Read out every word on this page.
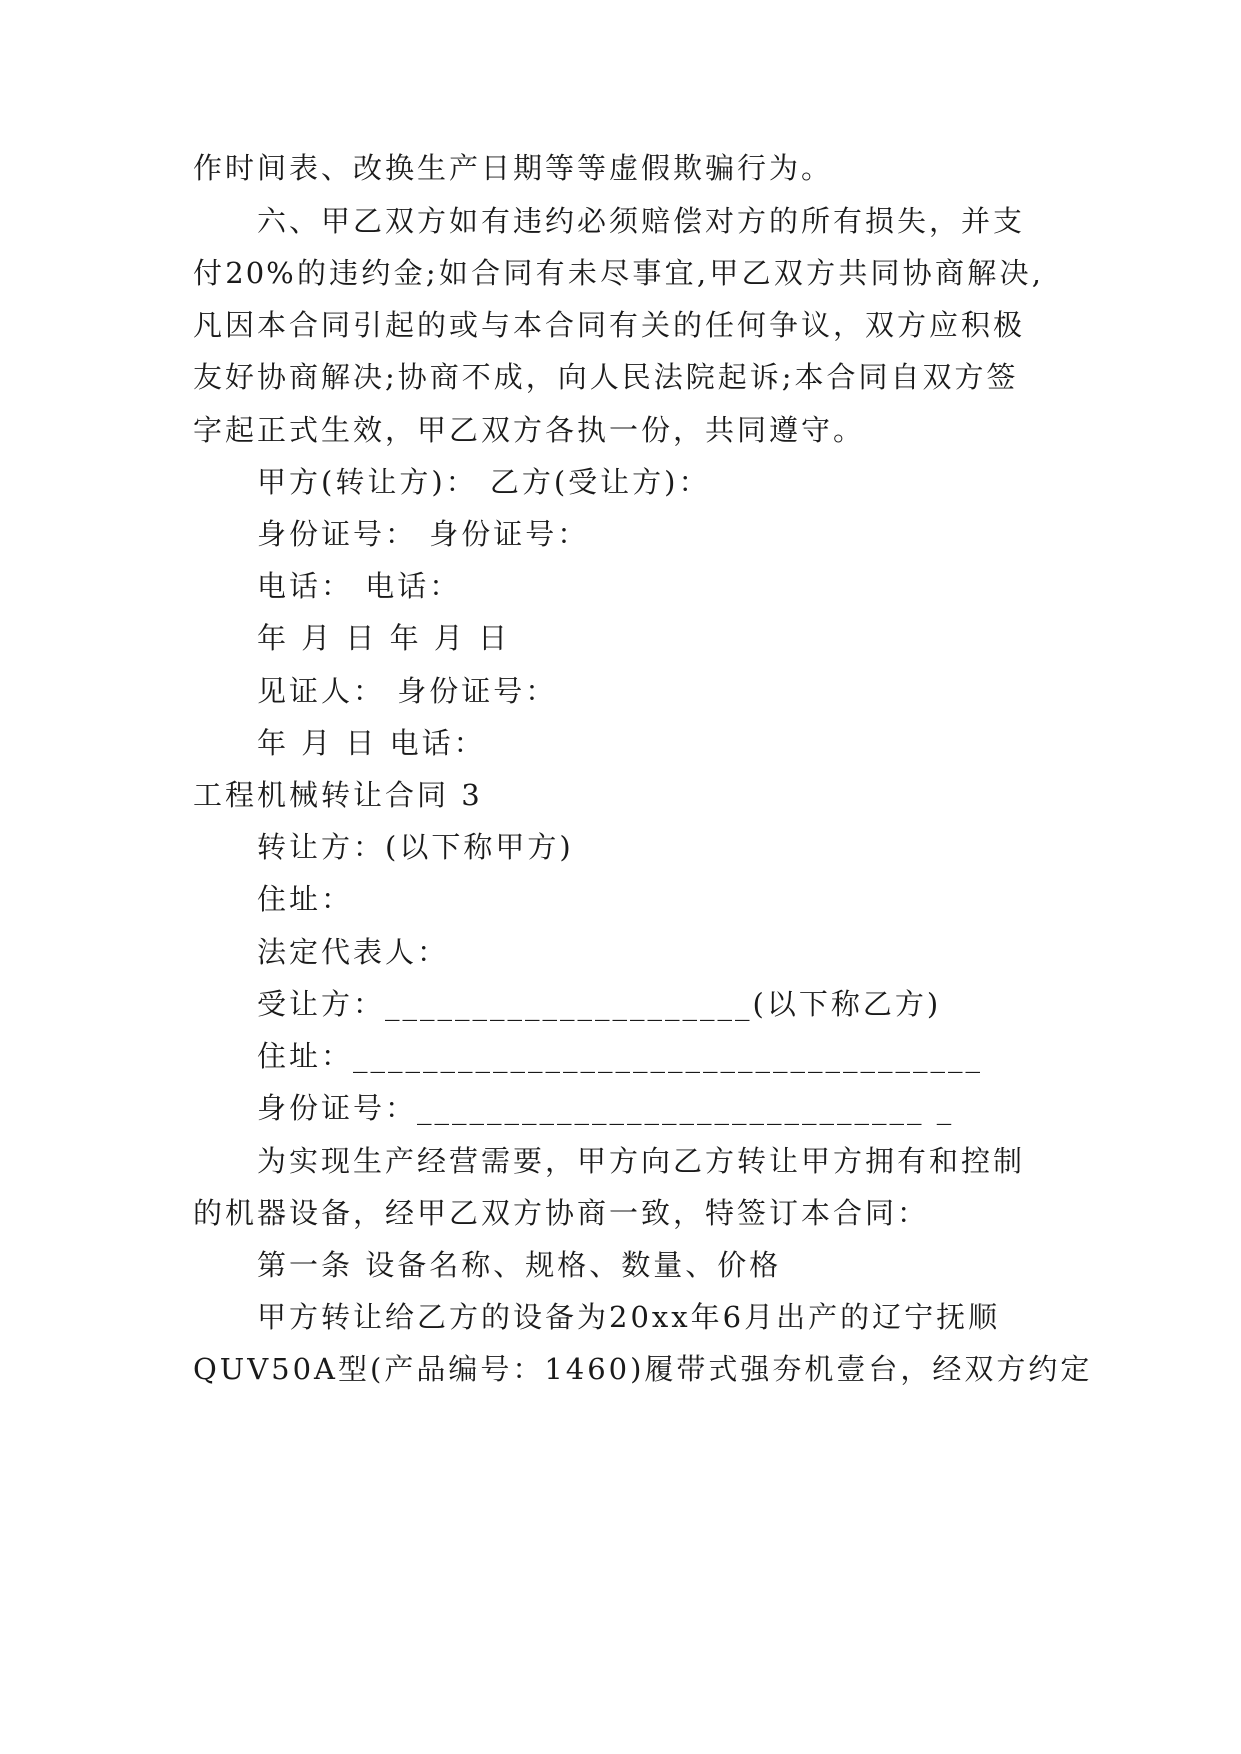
作时间表、改换生产日期等等虚假欺骗行为。
六、甲乙双方如有违约必须赔偿对方的所有损失，并支
付20%的违约金;如合同有未尽事宜,甲乙双方共同协商解决,
凡因本合同引起的或与本合同有关的任何争议，双方应积极
友好协商解决;协商不成，向人民法院起诉;本合同自双方签
字起正式生效，甲乙双方各执一份，共同遵守。
甲方(转让方)： 乙方(受让方)：
身份证号： 身份证号：
电话： 电话：
年 月 日 年 月 日
见证人： 身份证号：
年 月 日 电话：
工程机械转让合同 3
转让方：(以下称甲方)
住址：
法定代表人：
受让方：_____________________(以下称乙方)
住址：____________________________________
身份证号：_____________________________ _
为实现生产经营需要，甲方向乙方转让甲方拥有和控制
的机器设备，经甲乙双方协商一致，特签订本合同：
第一条 设备名称、规格、数量、价格
甲方转让给乙方的设备为20xx年6月出产的辽宁抚顺
QUV50A型(产品编号：1460)履带式强夯机壹台，经双方约定
